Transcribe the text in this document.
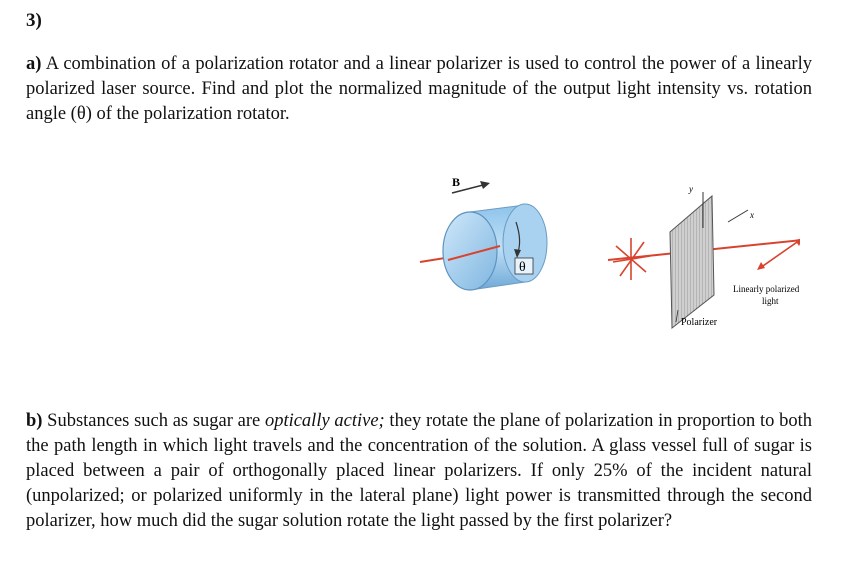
3)
a) A combination of a polarization rotator and a linear polarizer is used to control the power of a linearly polarized laser source. Find and plot the normalized magnitude of the output light intensity vs. rotation angle (θ) of the polarization rotator.
B
θ
y
x
Polarizer
Linearly polarized
light
b) Substances such as sugar are optically active; they rotate the plane of polarization in proportion to both the path length in which light travels and the concentration of the solution. A glass vessel full of sugar is placed between a pair of orthogonally placed linear polarizers. If only 25% of the incident natural (unpolarized; or polarized uniformly in the lateral plane) light power is transmitted through the second polarizer, how much did the sugar solution rotate the light passed by the first polarizer?
